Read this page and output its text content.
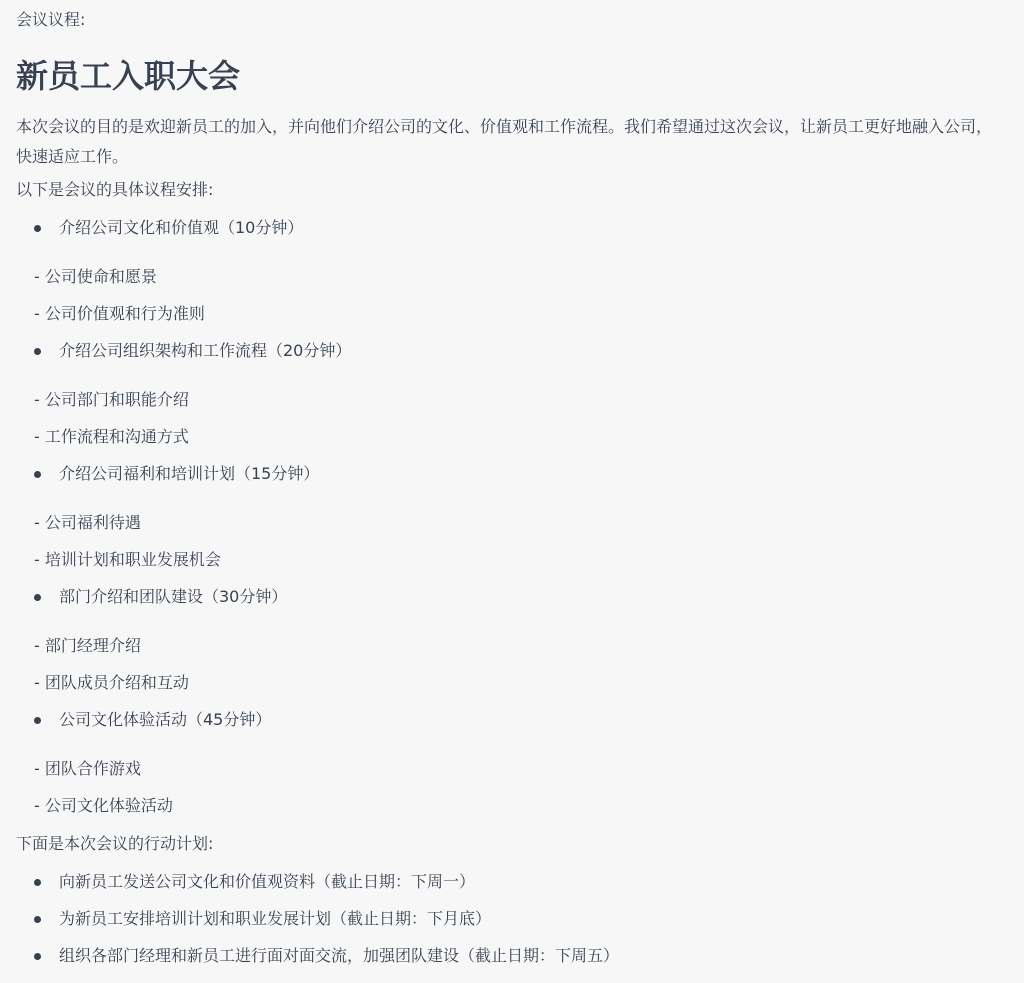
会议议程:
新员工入职大会
本次会议的目的是欢迎新员工的加入，并向他们介绍公司的文化、价值观和工作流程。我们希望通过这次会议，让新员工更好地融入公司，快速适应工作。
以下是会议的具体议程安排:
介绍公司文化和价值观（10分钟）
- 公司使命和愿景
- 公司价值观和行为准则
介绍公司组织架构和工作流程（20分钟）
- 公司部门和职能介绍
- 工作流程和沟通方式
介绍公司福利和培训计划（15分钟）
- 公司福利待遇
- 培训计划和职业发展机会
部门介绍和团队建设（30分钟）
- 部门经理介绍
- 团队成员介绍和互动
公司文化体验活动（45分钟）
- 团队合作游戏
- 公司文化体验活动
下面是本次会议的行动计划:
向新员工发送公司文化和价值观资料（截止日期：下周一）
为新员工安排培训计划和职业发展计划（截止日期：下月底）
组织各部门经理和新员工进行面对面交流，加强团队建设（截止日期：下周五）
